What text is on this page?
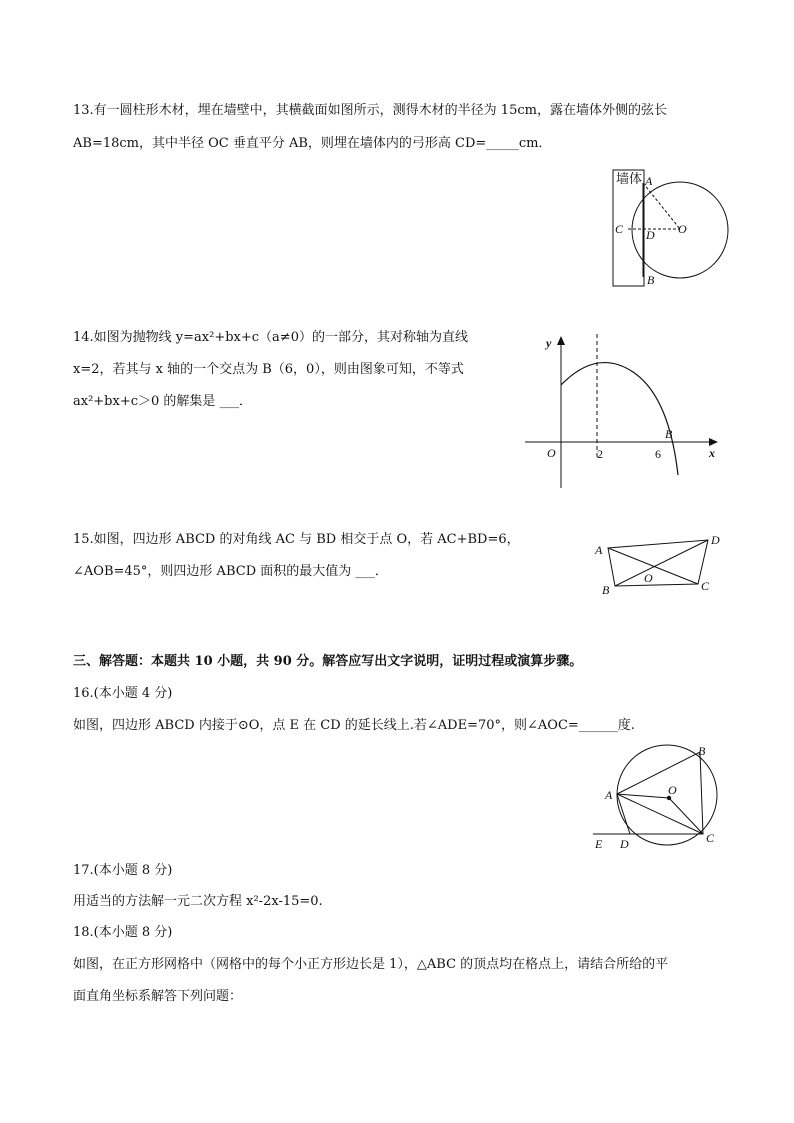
13.有一圆柱形木材，埋在墙壁中，其横截面如图所示，测得木材的半径为 15cm，露在墙体外侧的弦长
AB=18cm，其中半径 OC 垂直平分 AB，则埋在墙体内的弓形高 CD=_____cm．
墙体 A
C D O
B
14.如图为抛物线 y=ax²+bx+c（a≠0）的一部分，其对称轴为直线
x=2，若其与 x 轴的一个交点为 B（6，0），则由图象可知，不等式
ax²+bx+c＞0 的解集是 ___．
y
x
O	2	6
B
15.如图，四边形 ABCD 的对角线 AC 与 BD 相交于点 O，若 AC+BD=6，
∠AOB=45°，则四边形 ABCD 面积的最大值为 ___．
A
D
B	C
O
三、解答题：本题共 10 小题，共 90 分。解答应写出文字说明，证明过程或演算步骤。
16.(本小题 4 分)
如图，四边形 ABCD 内接于⊙O，点 E 在 CD 的延长线上.若∠ADE=70°，则∠AOC=______度.
A
B
O
C
D
E
17.(本小题 8 分)
用适当的方法解一元二次方程 x²-2x-15=0.
18.(本小题 8 分)
如图，在正方形网格中（网格中的每个小正方形边长是 1），△ABC 的顶点均在格点上，请结合所给的平
面直角坐标系解答下列问题：
